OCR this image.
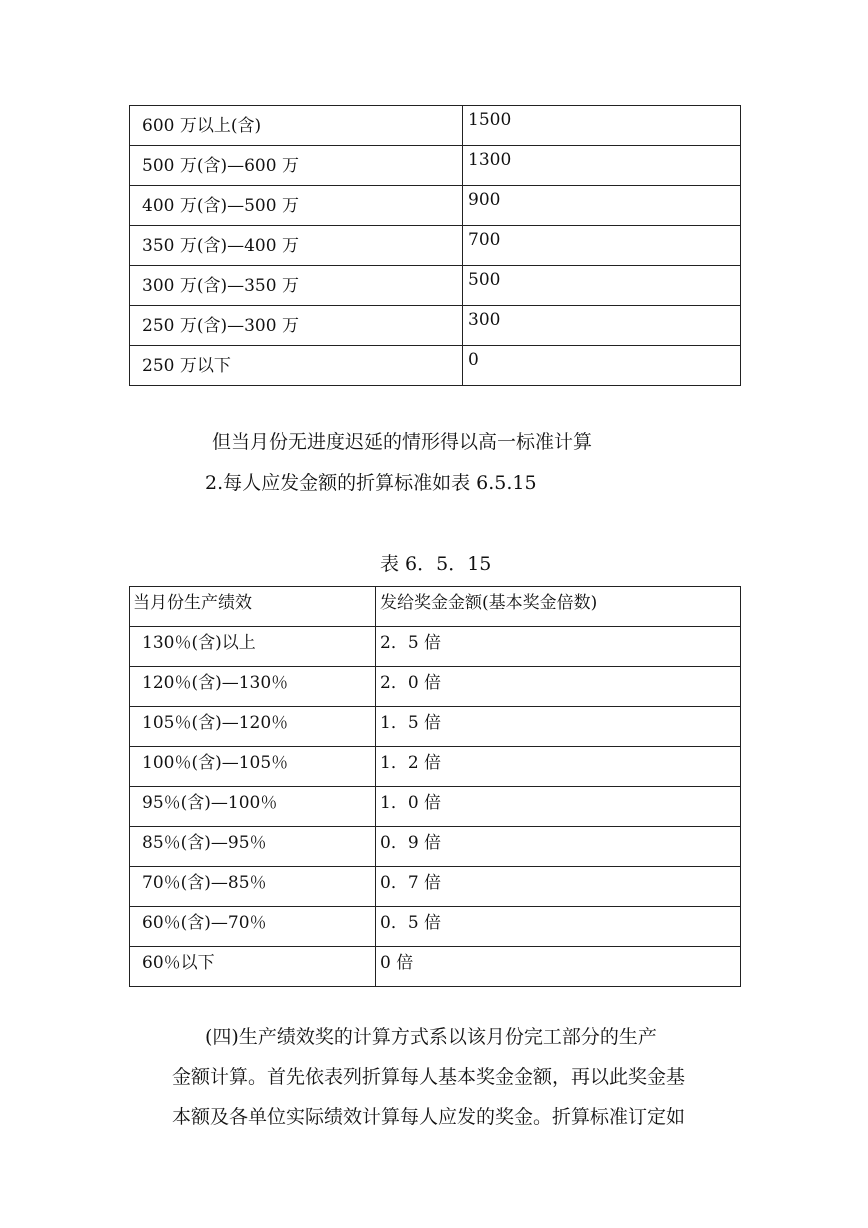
600 万以上(含)	1500
500 万(含)—600 万	1300
400 万(含)—500 万	900
350 万(含)—400 万	700
300 万(含)—350 万	500
250 万(含)—300 万	300
250 万以下	0

但当月份无进度迟延的情形得以高一标准计算

2.每人应发金额的折算标准如表 6.5.15

表 6．5．15

当月份生产绩效	发给奖金金额(基本奖金倍数)
130％(含)以上	2．5 倍
120％(含)—130％	2．0 倍
105％(含)—120％	1．5 倍
100％(含)—105％	1．2 倍
95％(含)—100％	1．0 倍
85％(含)—95％	0．9 倍
70％(含)—85％	0．7 倍
60％(含)—70％	0．5 倍
60％以下	0 倍
(四)生产绩效奖的计算方式系以该月份完工部分的生产
金额计算。首先依表列折算每人基本奖金金额，再以此奖金基
本额及各单位实际绩效计算每人应发的奖金。折算标准订定如
